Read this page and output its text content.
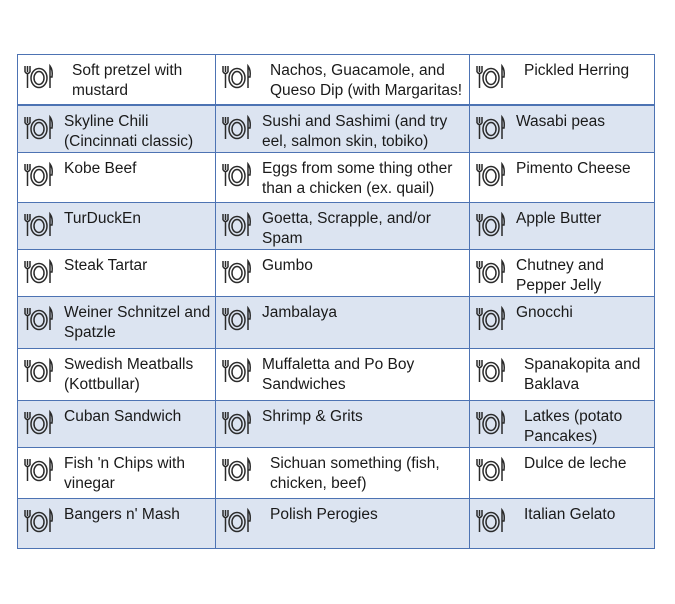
Soft pretzel with mustard	Nachos, Guacamole, and Queso Dip (with Margaritas!	Pickled Herring

Skyline Chili (Cincinnati classic)	Sushi and Sashimi (and try eel, salmon skin, tobiko)	Wasabi peas

Kobe Beef	Eggs from some thing other than a chicken (ex. quail)	Pimento Cheese

TurDuckEn	Goetta, Scrapple, and/or Spam	Apple Butter

Steak Tartar	Gumbo	Chutney and Pepper Jelly

Weiner Schnitzel and Spatzle	Jambalaya	Gnocchi

Swedish Meatballs (Kottbullar)	Muffaletta and Po Boy Sandwiches	Spanakopita and Baklava

Cuban Sandwich	Shrimp & Grits	Latkes (potato Pancakes)

Fish 'n Chips with vinegar	Sichuan something (fish, chicken, beef)	Dulce de leche

Bangers n' Mash	Polish Perogies	Italian Gelato
